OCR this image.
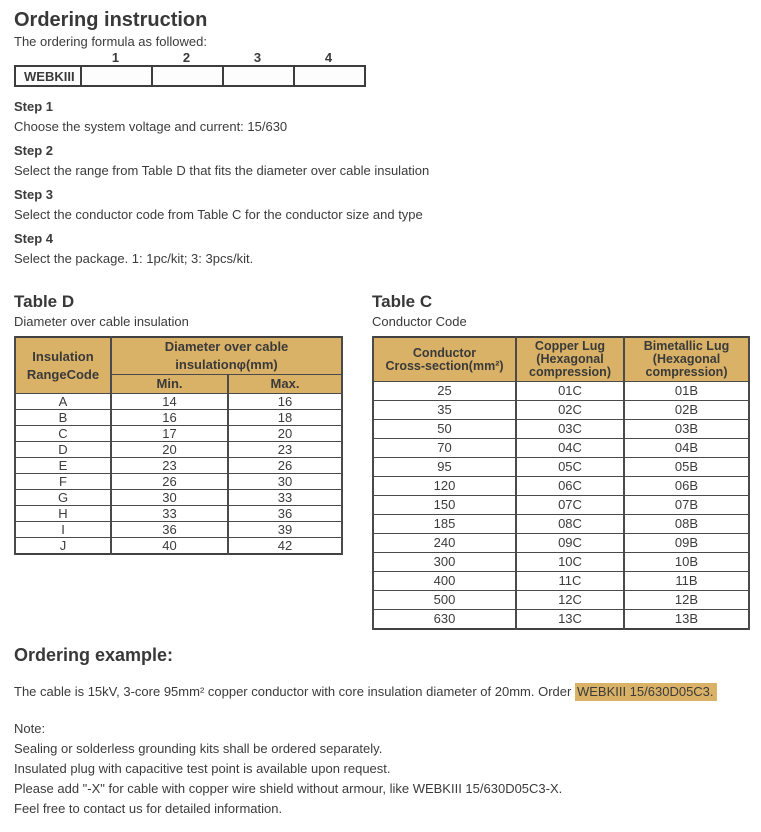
Ordering instruction

The ordering formula as followed:

1	2	3	4
WEBKIII				

Step 1

Choose the system voltage and current: 15/630

Step 2

Select the range from Table D that fits the diameter over cable insulation

Step 3

Select the conductor code from Table C for the conductor size and type

Step 4

Select the package. 1: 1pc/kit; 3: 3pcs/kit.

Table D

Diameter over cable insulation

Insulation
RangeCode	Diameter over cable insulationφ(mm)	
	Min.	Max.
A	14	16
B	16	18
C	17	20
D	20	23
E	23	26
F	26	30
G	30	33
H	33	36
I	36	39
J	40	42
Table C

Conductor Code

Conductor
Cross-section(mm²)	Copper Lug
(Hexagonal
compression)	Bimetallic Lug
(Hexagonal
compression)

25	01C	01B
35	02C	02B
50	03C	03B
70	04C	04B
95	05C	05B
120	06C	06B
150	07C	07B
185	08C	08B
240	09C	09B
300	10C	10B
400	11C	11B
500	12C	12B
630	13C	13B
Ordering example:

The cable is 15kV, 3-core 95mm² copper conductor with core insulation diameter of 20mm. Order WEBKIII 15/630D05C3.

Note:

Sealing or solderless grounding kits shall be ordered separately.

Insulated plug with capacitive test point is available upon request.

Please add "-X" for cable with copper wire shield without armour, like WEBKIII 15/630D05C3-X.

Feel free to contact us for detailed information.
